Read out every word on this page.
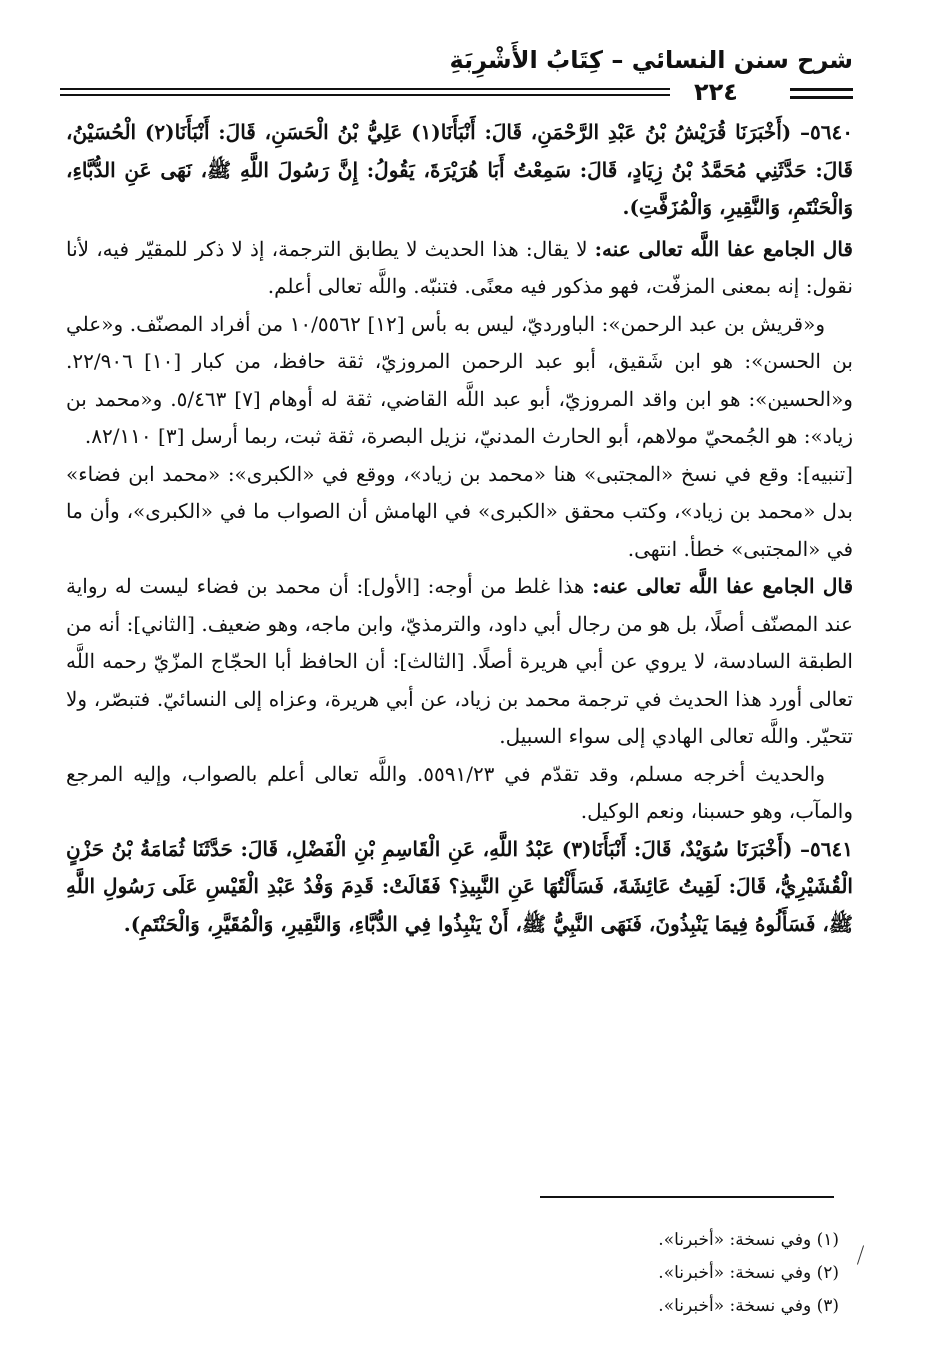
شرح سنن النسائي – كِتَابُ الأَشْرِبَةِ
٢٢٤

٥٦٤٠– (أَخْبَرَنَا قُرَيْشُ بْنُ عَبْدِ الرَّحْمَنِ، قَالَ: أَنْبَأَنَا(١) عَلِيُّ بْنُ الْحَسَنِ، قَالَ: أَنْبَأَنَا(٢) الْحُسَيْنُ، قَالَ: حَدَّثَنِي مُحَمَّدُ بْنُ زِيَادٍ، قَالَ: سَمِعْتُ أَبَا هُرَيْرَةَ، يَقُولُ: إِنَّ رَسُولَ اللَّهِ ﷺ، نَهَى عَنِ الدُّبَّاءِ، وَالْحَنْتَمِ، وَالنَّقِيرِ، وَالْمُزَفَّتِ).

قال الجامع عفا اللَّه تعالى عنه: لا يقال: هذا الحديث لا يطابق الترجمة، إذ لا ذكر للمقيّر فيه، لأنا نقول: إنه بمعنى المزفّت، فهو مذكور فيه معنًى. فتنبّه. واللَّه تعالى أعلم.

و«قريش بن عبد الرحمن»: الباورديّ، ليس به بأس [١٢] ١٠/٥٥٦٢ من أفراد المصنّف. و«علي بن الحسن»: هو ابن شَقيق، أبو عبد الرحمن المروزيّ، ثقة حافظ، من كبار [١٠] ٢٢/٩٠٦. و«الحسين»: هو ابن واقد المروزيّ، أبو عبد اللَّه القاضي، ثقة له أوهام [٧] ٥/٤٦٣. و«محمد بن زياد»: هو الجُمحيّ مولاهم، أبو الحارث المدنيّ، نزيل البصرة، ثقة ثبت، ربما أرسل [٣] ٨٢/١١٠.

[تنبيه]: وقع في نسخ «المجتبى» هنا «محمد بن زياد»، ووقع في «الكبرى»: «محمد ابن فضاء» بدل «محمد بن زياد»، وكتب محقق «الكبرى» في الهامش أن الصواب ما في «الكبرى»، وأن ما في «المجتبى» خطأ. انتهى.

قال الجامع عفا اللَّه تعالى عنه: هذا غلط من أوجه: [الأول]: أن محمد بن فضاء ليست له رواية عند المصنّف أصلًا، بل هو من رجال أبي داود، والترمذيّ، وابن ماجه، وهو ضعيف. [الثاني]: أنه من الطبقة السادسة، لا يروي عن أبي هريرة أصلًا. [الثالث]: أن الحافظ أبا الحجّاج المزّيّ رحمه اللَّه تعالى أورد هذا الحديث في ترجمة محمد بن زياد، عن أبي هريرة، وعزاه إلى النسائيّ. فتبصّر، ولا تتحيّر. واللَّه تعالى الهادي إلى سواء السبيل.

والحديث أخرجه مسلم، وقد تقدّم في ٥٥٩١/٢٣. واللَّه تعالى أعلم بالصواب، وإليه المرجع والمآب، وهو حسبنا، ونعم الوكيل.

٥٦٤١– (أَخْبَرَنَا سُوَيْدٌ، قَالَ: أَنْبَأَنَا(٣) عَبْدُ اللَّهِ، عَنِ الْقَاسِمِ بْنِ الْفَضْلِ، قَالَ: حَدَّثَنَا ثُمَامَةُ بْنُ حَزْنٍ الْقُشَيْرِيُّ، قَالَ: لَقِيتُ عَائِشَةَ، فَسَأَلْتُهَا عَنِ النَّبِيذِ؟ فَقَالَتْ: قَدِمَ وَفْدُ عَبْدِ الْقَيْسِ عَلَى رَسُولِ اللَّهِ ﷺ، فَسَأَلُوهُ فِيمَا يَنْبِذُونَ، فَنَهَى النَّبِيُّ ﷺ، أَنْ يَنْبِذُوا فِي الدُّبَّاءِ، وَالنَّقِيرِ، وَالْمُقَيَّرِ، وَالْحَنْتَمِ).

(١) وفي نسخة: «أخبرنا».
(٢) وفي نسخة: «أخبرنا».
(٣) وفي نسخة: «أخبرنا».
